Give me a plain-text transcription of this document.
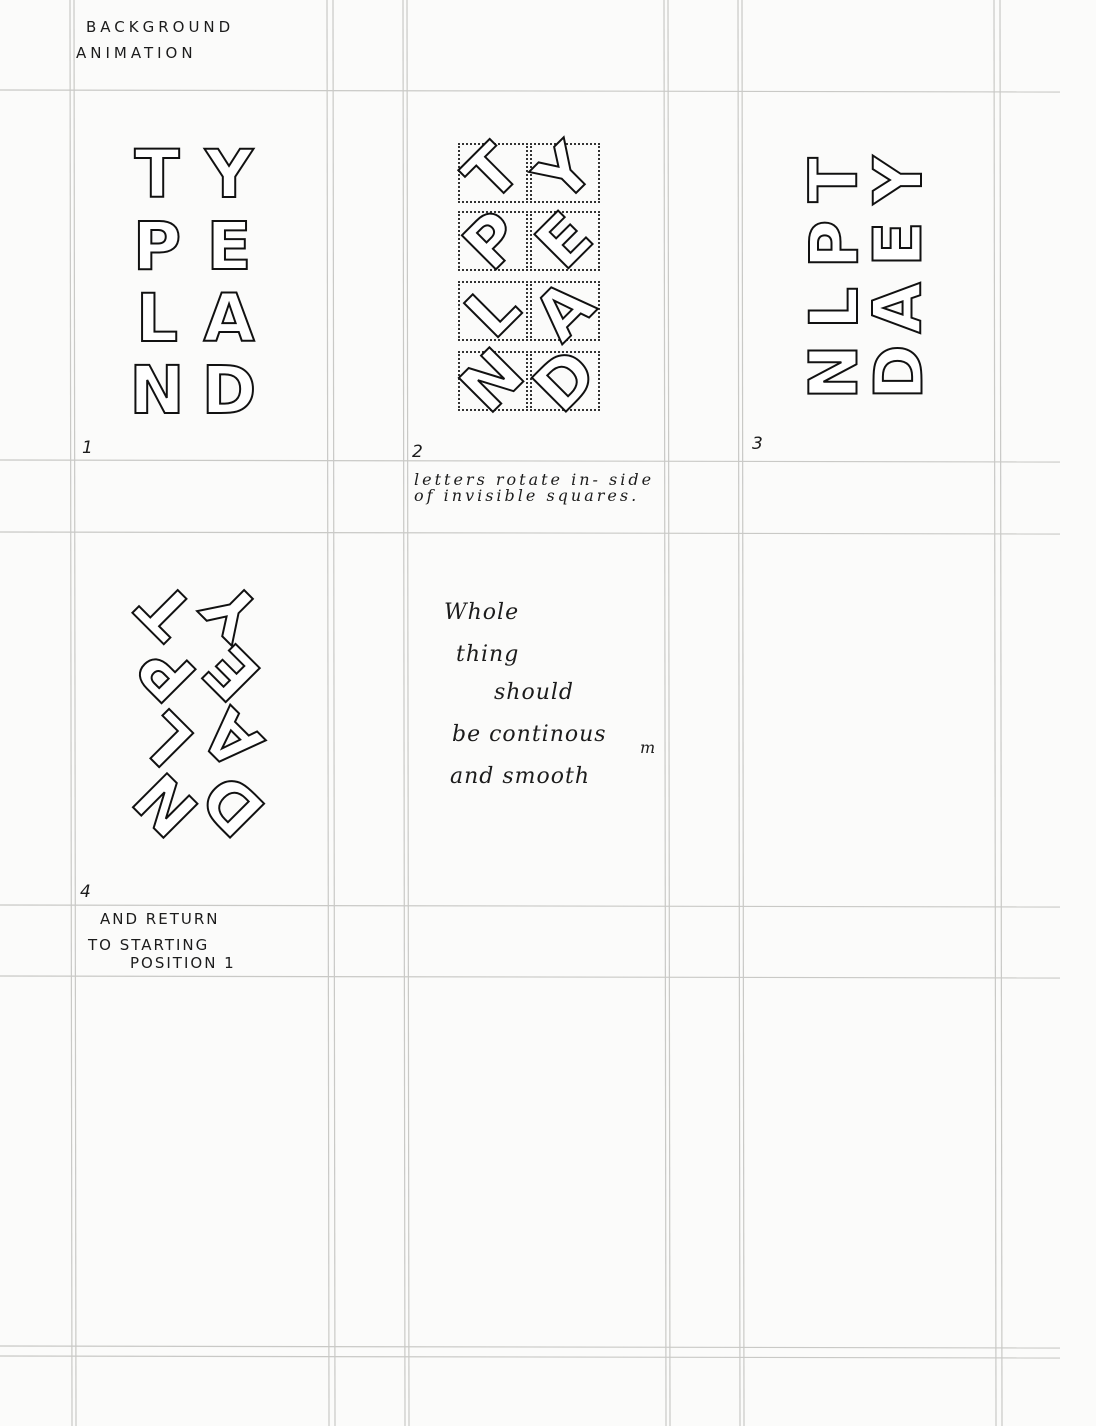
BACKGROUND
ANIMATION
T Y
P E
L A
N D
1
T
Y
P
E
L
A
N
D
2
letters rotate in- side of invisible squares.
T
Y
P
E
L
A
N
D
3
T
Y
P
E
L
A
N
D
4
AND RETURN
TO STARTING
POSITION 1
Whole
thing
should
be continous
m
and smooth
